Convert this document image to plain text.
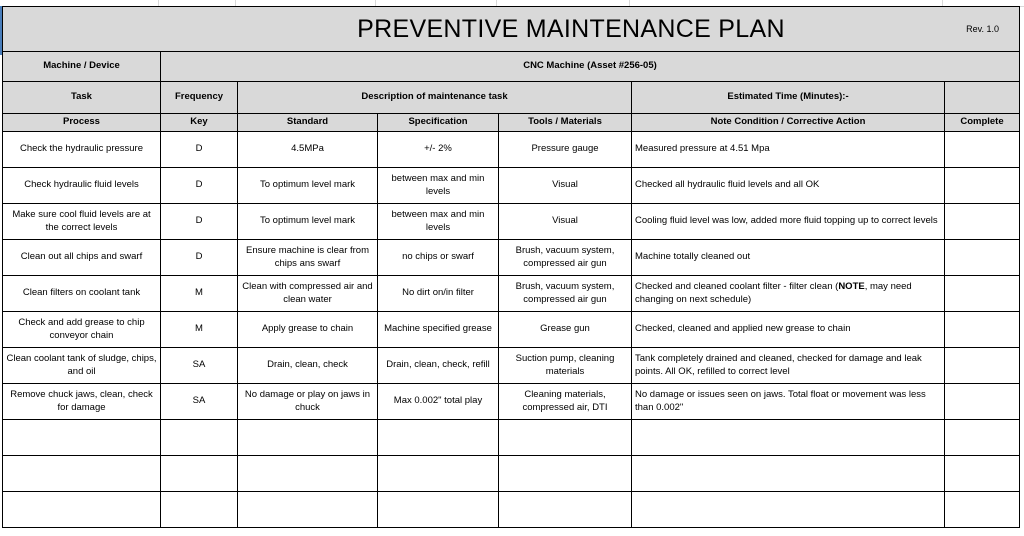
PREVENTIVE MAINTENANCE PLAN Rev. 1.0						

Machine / Device	CNC Machine (Asset #256-05)					
Task	Frequency	Description of maintenance task			Estimated Time (Minutes):-	
Process	Key	Standard	Specification	Tools / Materials	Note Condition / Corrective Action	Complete
Check the hydraulic pressure	D	4.5MPa	+/- 2%	Pressure gauge	Measured pressure at 4.51 Mpa	
Check hydraulic fluid levels	D	To optimum level mark	between max and min levels	Visual	Checked all hydraulic fluid levels and all OK	
Make sure cool fluid levels are at the correct levels	D	To optimum level mark	between max and min levels	Visual	Cooling fluid level was low, added more fluid topping up to correct levels	
Clean out all chips and swarf	D	Ensure machine is clear from chips ans swarf	no chips or swarf	Brush, vacuum system, compressed air gun	Machine totally cleaned out	
Clean filters on coolant tank	M	Clean with compressed air and clean water	No dirt on/in filter	Brush, vacuum system, compressed air gun	Checked and cleaned coolant filter - filter clean (NOTE, may need changing on next schedule)	
Check and add grease to chip conveyor chain	M	Apply grease to chain	Machine specified grease	Grease gun	Checked, cleaned and applied new grease to chain	
Clean coolant tank of sludge, chips, and oil	SA	Drain, clean, check	Drain, clean, check, refill	Suction pump, cleaning materials	Tank completely drained and cleaned, checked for damage and leak points. All OK, refilled to correct level	
Remove chuck jaws, clean, check for damage	SA	No damage or play on jaws in chuck	Max 0.002" total play	Cleaning materials, compressed air, DTI	No damage or issues seen on jaws. Total float or movement was less than 0.002"	
